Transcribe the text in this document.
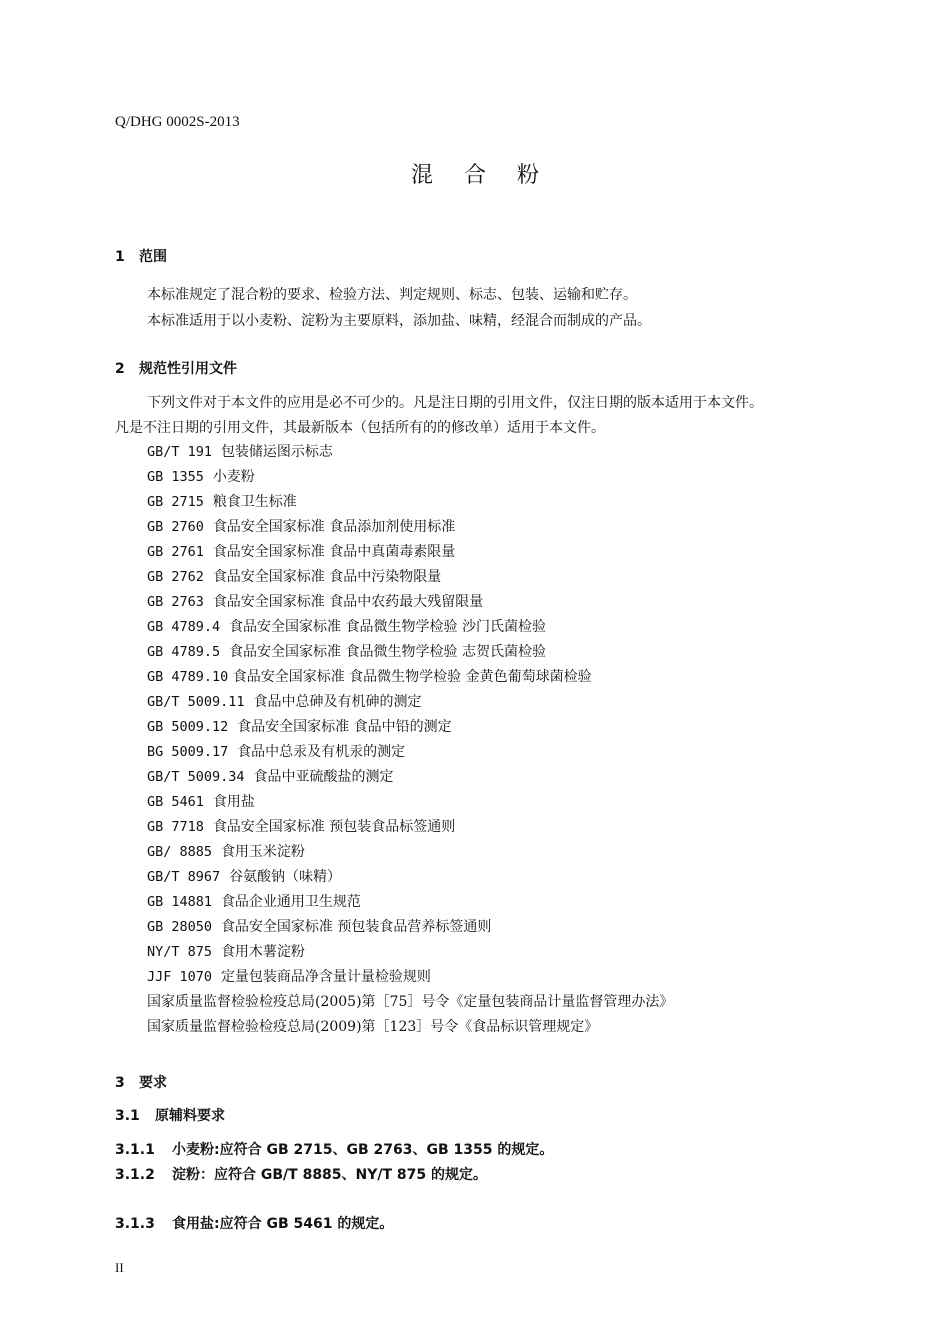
Q/DHG 0002S-2013
混 合 粉
1 范围
本标准规定了混合粉的要求、检验方法、判定规则、标志、包装、运输和贮存。
本标准适用于以小麦粉、淀粉为主要原料，添加盐、味精，经混合而制成的产品。
2 规范性引用文件
下列文件对于本文件的应用是必不可少的。凡是注日期的引用文件，仅注日期的版本适用于本文件。
凡是不注日期的引用文件，其最新版本（包括所有的的修改单）适用于本文件。
GB/T 191 包装储运图示标志
GB 1355 小麦粉
GB 2715 粮食卫生标准
GB 2760 食品安全国家标准 食品添加剂使用标准
GB 2761 食品安全国家标准 食品中真菌毒素限量
GB 2762 食品安全国家标准 食品中污染物限量
GB 2763 食品安全国家标准 食品中农药最大残留限量
GB 4789.4 食品安全国家标准 食品微生物学检验 沙门氏菌检验
GB 4789.5 食品安全国家标准 食品微生物学检验 志贺氏菌检验
GB 4789.10 食品安全国家标准 食品微生物学检验 金黄色葡萄球菌检验
GB/T 5009.11 食品中总砷及有机砷的测定
GB 5009.12 食品安全国家标准 食品中铅的测定
BG 5009.17 食品中总汞及有机汞的测定
GB/T 5009.34 食品中亚硫酸盐的测定
GB 5461 食用盐
GB 7718 食品安全国家标准 预包装食品标签通则
GB/ 8885 食用玉米淀粉
GB/T 8967 谷氨酸钠（味精）
GB 14881 食品企业通用卫生规范
GB 28050 食品安全国家标准 预包装食品营养标签通则
NY/T 875 食用木薯淀粉
JJF 1070 定量包装商品净含量计量检验规则
国家质量监督检验检疫总局(2005)第［75］号令《定量包装商品计量监督管理办法》
国家质量监督检验检疫总局(2009)第［123］号令《食品标识管理规定》
3 要求
3.1 原辅料要求
3.1.1 小麦粉:应符合 GB 2715、GB 2763、GB 1355 的规定。
3.1.2 淀粉：应符合 GB/T 8885、NY/T 875 的规定。
3.1.3 食用盐:应符合 GB 5461 的规定。
II
